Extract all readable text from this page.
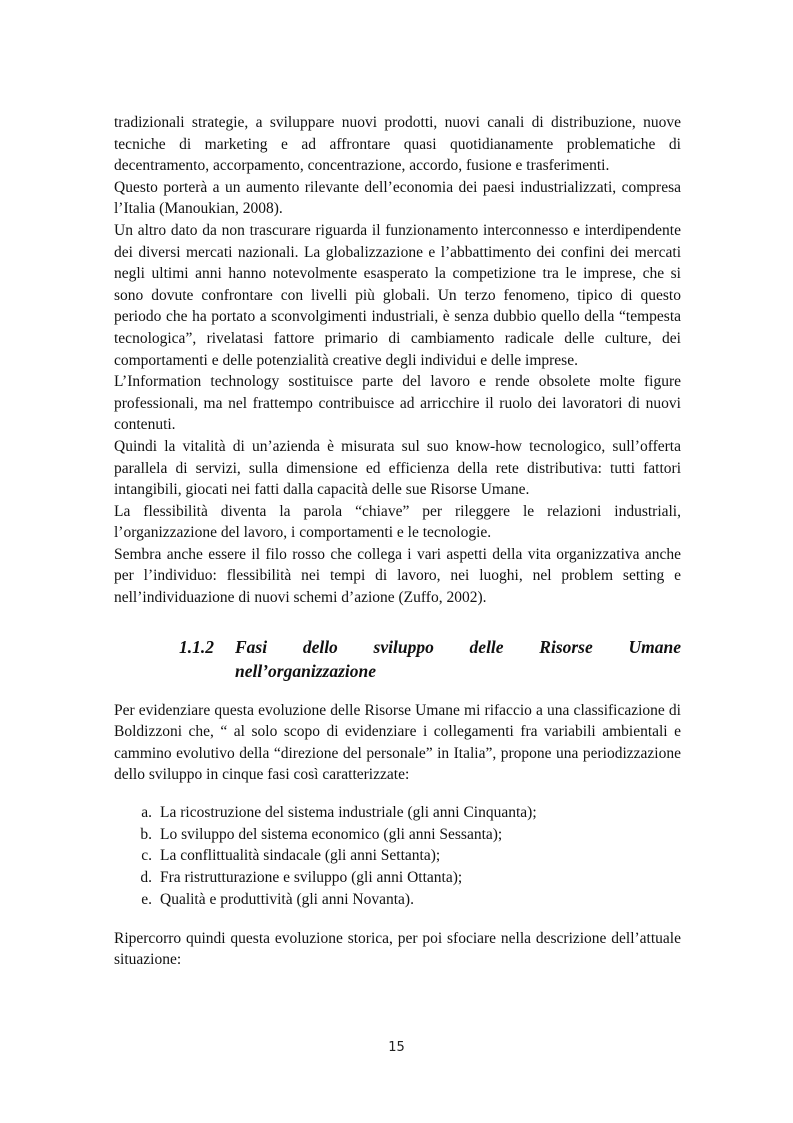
tradizionali strategie, a sviluppare nuovi prodotti, nuovi canali di distribuzione, nuove tecniche di marketing e ad affrontare quasi quotidianamente problematiche di decentramento, accorpamento, concentrazione, accordo, fusione e trasferimenti.

Questo porterà a un aumento rilevante dell’economia dei paesi industrializzati, compresa l’Italia (Manoukian, 2008).

Un altro dato da non trascurare riguarda il funzionamento interconnesso e interdipendente dei diversi mercati nazionali. La globalizzazione e l’abbattimento dei confini dei mercati negli ultimi anni hanno notevolmente esasperato la competizione tra le imprese, che si sono dovute confrontare con livelli più globali. Un terzo fenomeno, tipico di questo periodo che ha portato a sconvolgimenti industriali, è senza dubbio quello della “tempesta tecnologica”, rivelatasi fattore primario di cambiamento radicale delle culture, dei comportamenti e delle potenzialità creative degli individui e delle imprese.

L’Information technology sostituisce parte del lavoro e rende obsolete molte figure professionali, ma nel frattempo contribuisce ad arricchire il ruolo dei lavoratori di nuovi contenuti.

Quindi la vitalità di un’azienda è misurata sul suo know-how tecnologico, sull’offerta parallela di servizi, sulla dimensione ed efficienza della rete distributiva: tutti fattori intangibili, giocati nei fatti dalla capacità delle sue Risorse Umane.

La flessibilità diventa la parola “chiave” per rileggere le relazioni industriali, l’organizzazione del lavoro, i comportamenti e le tecnologie.

Sembra anche essere il filo rosso che collega i vari aspetti della vita organizzativa anche per l’individuo: flessibilità nei tempi di lavoro, nei luoghi, nel problem setting e nell’individuazione di nuovi schemi d’azione (Zuffo, 2002).

1.1.2	Fasi dello sviluppo delle Risorse Umane
nell’organizzazione

Per evidenziare questa evoluzione delle Risorse Umane mi rifaccio a una classificazione di Boldizzoni che, “ al solo scopo di evidenziare i collegamenti fra variabili ambientali e cammino evolutivo della “direzione del personale” in Italia”, propone una periodizzazione dello sviluppo in cinque fasi così caratterizzate:

a. La ricostruzione del sistema industriale (gli anni Cinquanta);
b. Lo sviluppo del sistema economico (gli anni Sessanta);
c. La conflittualità sindacale (gli anni Settanta);
d. Fra ristrutturazione e sviluppo (gli anni Ottanta);
e. Qualità e produttività (gli anni Novanta).

Ripercorro quindi questa evoluzione storica, per poi sfociare nella descrizione dell’attuale situazione:

15
